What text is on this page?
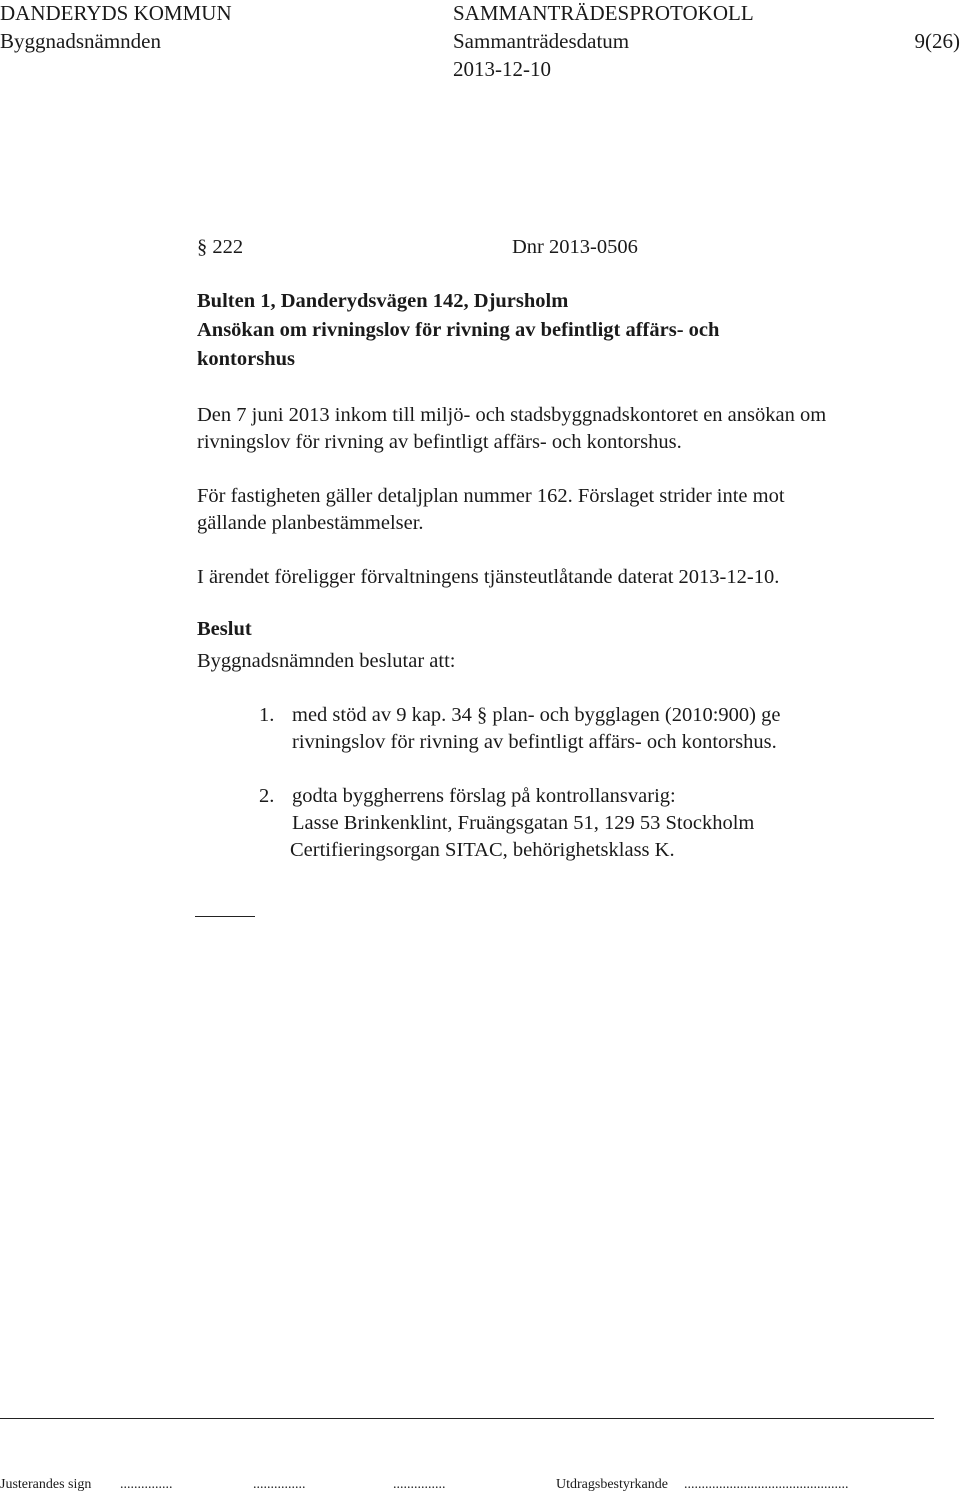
DANDERYDS KOMMUN	SAMMANTRÄDESPROTOKOLL
Byggnadsnämnden	Sammanträdesdatum	9(26)
2013-12-10
§ 222	Dnr 2013-0506
Bulten 1, Danderydsvägen 142, Djursholm
Ansökan om rivningslov för rivning av befintligt affärs- och
kontorshus
Den 7 juni 2013 inkom till miljö- och stadsbyggnadskontoret en ansökan om
rivningslov för rivning av befintligt affärs- och kontorshus.
För fastigheten gäller detaljplan nummer 162. Förslaget strider inte mot
gällande planbestämmelser.
I ärendet föreligger förvaltningens tjänsteutlåtande daterat 2013-12-10.
Beslut
Byggnadsnämnden beslutar att:
1. med stöd av 9 kap. 34 § plan- och bygglagen (2010:900) ge
rivningslov för rivning av befintligt affärs- och kontorshus.
2. godta byggherrens förslag på kontrollansvarig:
Lasse Brinkenklint, Fruängsgatan 51, 129 53 Stockholm
Certifieringsorgan SITAC, behörighetsklass K.
Justerandes sign ...............	...............	...............	Utdragsbestyrkande ...............................................
